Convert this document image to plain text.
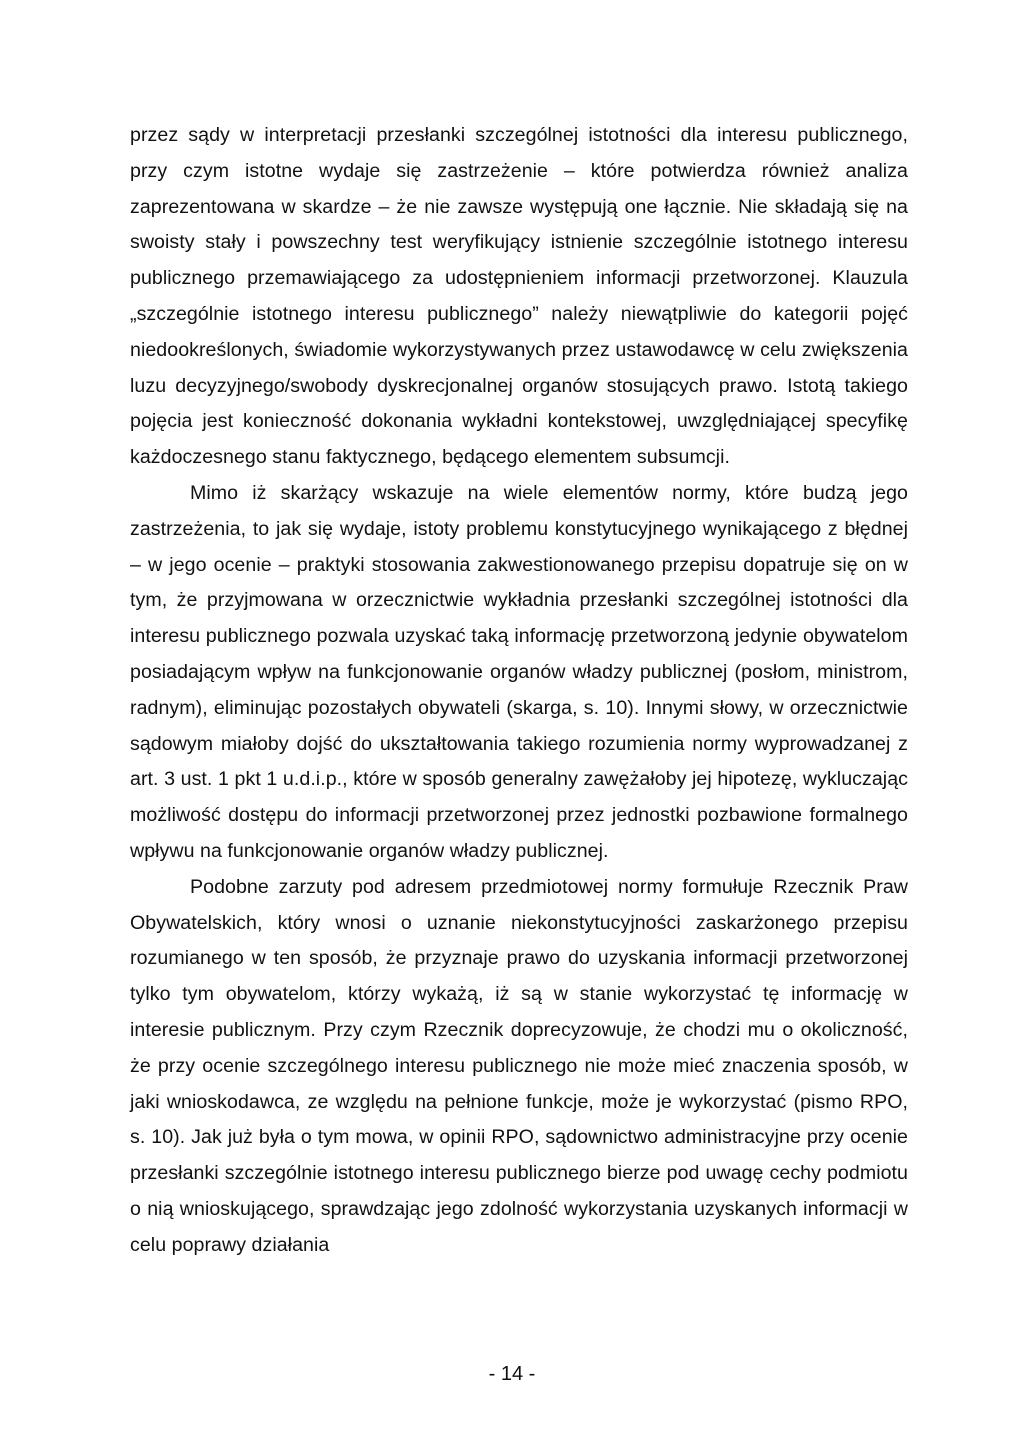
przez sądy w interpretacji przesłanki szczególnej istotności dla interesu publicznego, przy czym istotne wydaje się zastrzeżenie – które potwierdza również analiza zaprezentowana w skardze – że nie zawsze występują one łącznie. Nie składają się na swoisty stały i powszechny test weryfikujący istnienie szczególnie istotnego interesu publicznego przemawiającego za udostępnieniem informacji przetworzonej. Klauzula „szczególnie istotnego interesu publicznego” należy niewątpliwie do kategorii pojęć niedookreślonych, świadomie wykorzystywanych przez ustawodawcę w celu zwiększenia luzu decyzyjnego/swobody dyskrecjonalnej organów stosujących prawo. Istotą takiego pojęcia jest konieczność dokonania wykładni kontekstowej, uwzględniającej specyfikę każdoczesnego stanu faktycznego, będącego elementem subsumcji.

Mimo iż skarżący wskazuje na wiele elementów normy, które budzą jego zastrzeżenia, to jak się wydaje, istoty problemu konstytucyjnego wynikającego z błędnej – w jego ocenie – praktyki stosowania zakwestionowanego przepisu dopatruje się on w tym, że przyjmowana w orzecznictwie wykładnia przesłanki szczególnej istotności dla interesu publicznego pozwala uzyskać taką informację przetworzoną jedynie obywatelom posiadającym wpływ na funkcjonowanie organów władzy publicznej (posłom, ministrom, radnym), eliminując pozostałych obywateli (skarga, s. 10). Innymi słowy, w orzecznictwie sądowym miałoby dojść do ukształtowania takiego rozumienia normy wyprowadzanej z art. 3 ust. 1 pkt 1 u.d.i.p., które w sposób generalny zawężałoby jej hipotezę, wykluczając możliwość dostępu do informacji przetworzonej przez jednostki pozbawione formalnego wpływu na funkcjonowanie organów władzy publicznej.

Podobne zarzuty pod adresem przedmiotowej normy formułuje Rzecznik Praw Obywatelskich, który wnosi o uznanie niekonstytucyjności zaskarżonego przepisu rozumianego w ten sposób, że przyznaje prawo do uzyskania informacji przetworzonej tylko tym obywatelom, którzy wykażą, iż są w stanie wykorzystać tę informację w interesie publicznym. Przy czym Rzecznik doprecyzowuje, że chodzi mu o okoliczność, że przy ocenie szczególnego interesu publicznego nie może mieć znaczenia sposób, w jaki wnioskodawca, ze względu na pełnione funkcje, może je wykorzystać (pismo RPO, s. 10). Jak już była o tym mowa, w opinii RPO, sądownictwo administracyjne przy ocenie przesłanki szczególnie istotnego interesu publicznego bierze pod uwagę cechy podmiotu o nią wnioskującego, sprawdzając jego zdolność wykorzystania uzyskanych informacji w celu poprawy działania

- 14 -
